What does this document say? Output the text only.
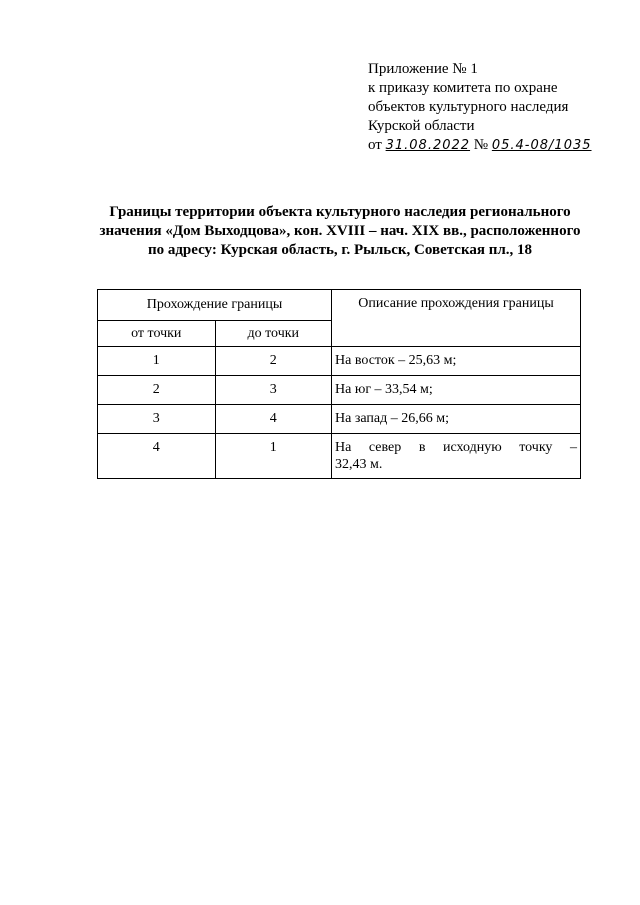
Приложение № 1
к приказу комитета по охране
объектов культурного наследия
Курской области
от 31.08.2022 № 05.4-08/1035
Границы территории объекта культурного наследия регионального
значения «Дом Выходцова», кон. XVIII – нач. XIX вв., расположенного
по адресу: Курская область, г. Рыльск, Советская пл., 18
Прохождение границы		Описание прохождения границы
от точки	до точки	
1	2	На восток – 25,63 м;
2	3	На юг – 33,54 м;
3	4	На запад – 26,66 м;
4	1	На север в исходную точку –
32,43 м.
